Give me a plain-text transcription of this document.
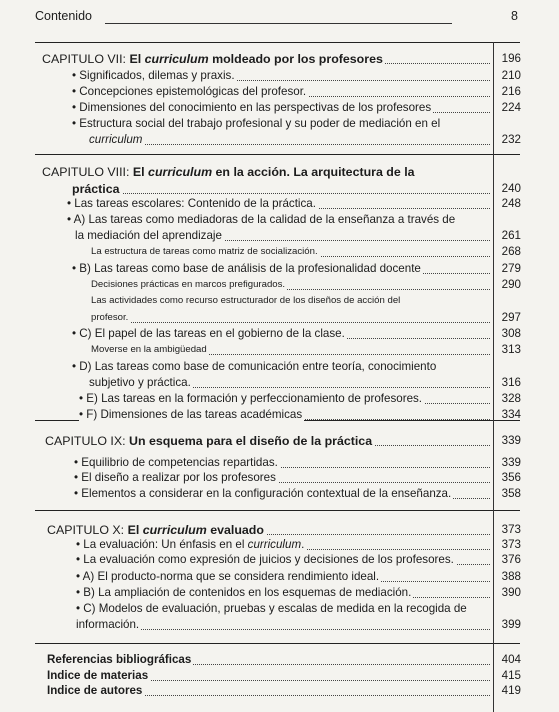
Contenido	8
CAPITULO VII: El curriculum moldeado por los profesores	196
• Significados, dilemas y praxis.	210
• Concepciones epistemológicas del profesor.	216
• Dimensiones del conocimiento en las perspectivas de los profesores	224
• Estructura social del trabajo profesional y su poder de mediación en el
curriculum	232
CAPITULO VIII: El curriculum en la acción. La arquitectura de la
práctica	240
• Las tareas escolares: Contenido de la práctica.	248
• A) Las tareas como mediadoras de la calidad de la enseñanza a través de
la mediación del aprendizaje	261
La estructura de tareas como matriz de socialización.	268
• B) Las tareas como base de análisis de la profesionalidad docente	279
Decisiones prácticas en marcos prefigurados.	290
Las actividades como recurso estructurador de los diseños de acción del
profesor.	297
• C) El papel de las tareas en el gobierno de la clase.	308
Moverse en la ambigüedad	313
• D) Las tareas como base de comunicación entre teoría, conocimiento
subjetivo y práctica.	316
• E) Las tareas en la formación y perfeccionamiento de profesores.	328
• F) Dimensiones de las tareas académicas	334
CAPITULO IX: Un esquema para el diseño de la práctica	339
• Equilibrio de competencias repartidas.	339
• El diseño a realizar por los profesores	356
• Elementos a considerar en la configuración contextual de la enseñanza.	358
CAPITULO X: El curriculum evaluado	373
• La evaluación: Un énfasis en el curriculum.	373
• La evaluación como expresión de juicios y decisiones de los profesores.	376
• A) El producto-norma que se considera rendimiento ideal.	388
• B) La ampliación de contenidos en los esquemas de mediación.	390
• C) Modelos de evaluación, pruebas y escalas de medida en la recogida de
información.	399
Referencias bibliográficas	404
Indice de materias	415
Indice de autores	419
